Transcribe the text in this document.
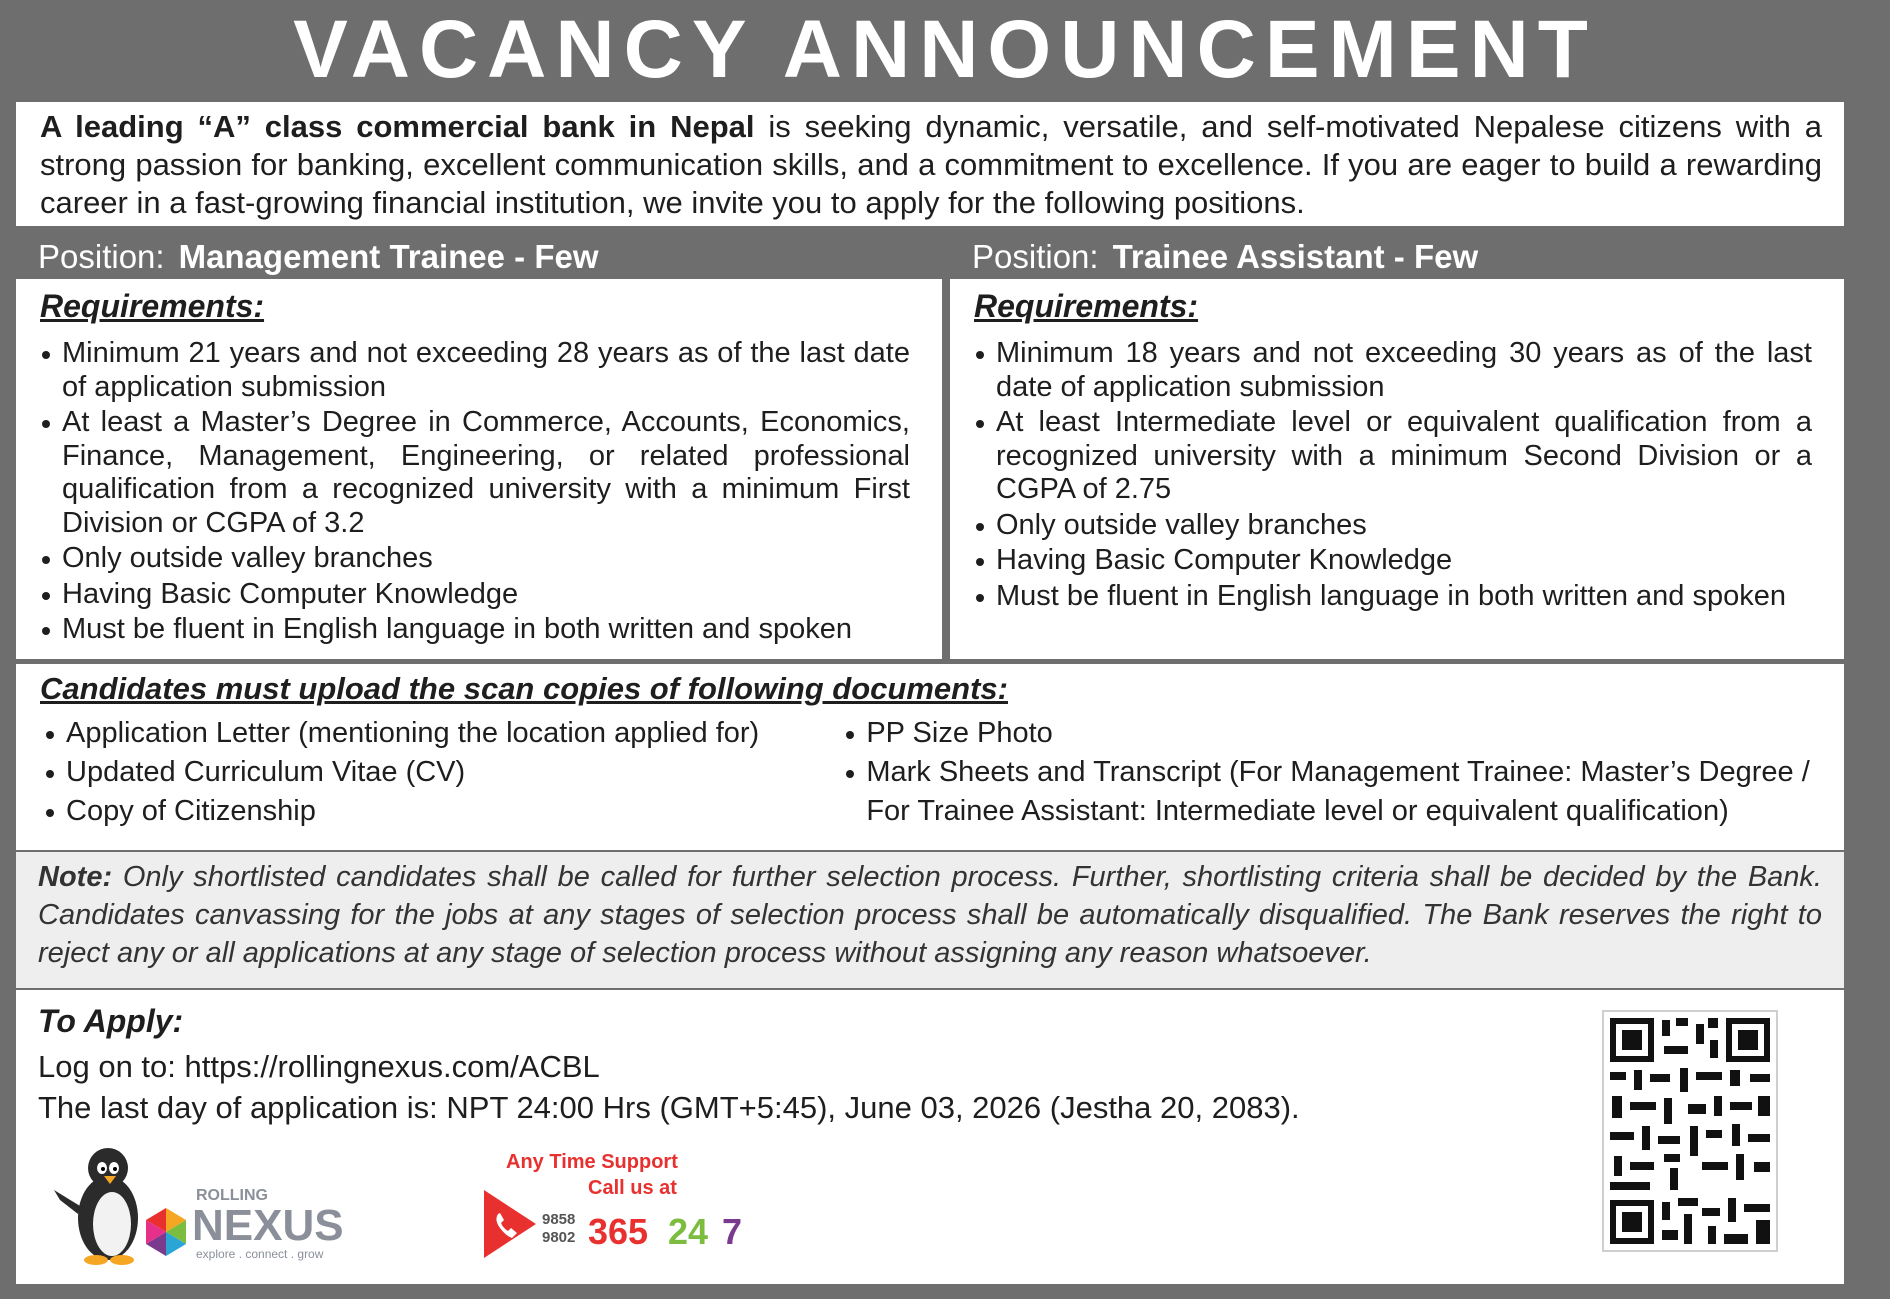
VACANCY ANNOUNCEMENT
A leading “A” class commercial bank in Nepal is seeking dynamic, versatile, and self-motivated Nepalese citizens with a strong passion for banking, excellent communication skills, and a commitment to excellence. If you are eager to build a rewarding career in a fast-growing financial institution, we invite you to apply for the following positions.
Position: Management Trainee - Few
Requirements:
Minimum 21 years and not exceeding 28 years as of the last date of application submission
At least a Master’s Degree in Commerce, Accounts, Economics, Finance, Management, Engineering, or related professional qualification from a recognized university with a minimum First Division or CGPA of 3.2
Only outside valley branches
Having Basic Computer Knowledge
Must be fluent in English language in both written and spoken
Position: Trainee Assistant - Few
Requirements:
Minimum 18 years and not exceeding 30 years as of the last date of application submission
At least Intermediate level or equivalent qualification from a recognized university with a minimum Second Division or a CGPA of 2.75
Only outside valley branches
Having Basic Computer Knowledge
Must be fluent in English language in both written and spoken
Candidates must upload the scan copies of following documents:
Application Letter (mentioning the location applied for)
Updated Curriculum Vitae (CV)
Copy of Citizenship
PP Size Photo
Mark Sheets and Transcript (For Management Trainee: Master’s Degree / For Trainee Assistant: Intermediate level or equivalent qualification)
Note: Only shortlisted candidates shall be called for further selection process. Further, shortlisting criteria shall be decided by the Bank. Candidates canvassing for the jobs at any stages of selection process shall be automatically disqualified. The Bank reserves the right to reject any or all applications at any stage of selection process without assigning any reason whatsoever.
To Apply:
Log on to: https://rollingnexus.com/ACBL
The last day of application is: NPT 24:00 Hrs (GMT+5:45), June 03, 2026 (Jestha 20, 2083).
ROLLING
NEXUS
explore . connect . grow
Any Time Support
Call us at
9858
9802 365 24 7
